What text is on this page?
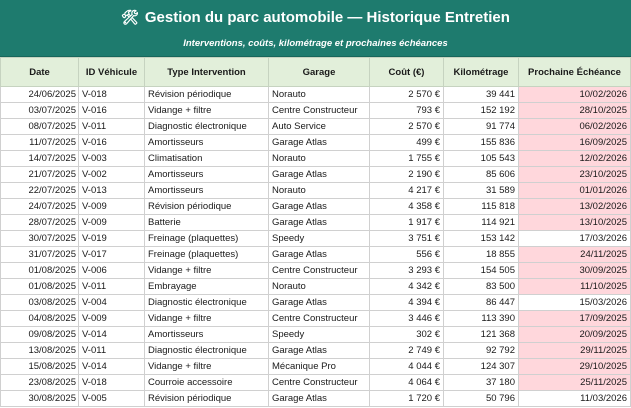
🛠 Gestion du parc automobile — Historique Entretien
Interventions, coûts, kilométrage et prochaines échéances
Date	ID Véhicule	Type Intervention	Garage	Coût (€)	Kilométrage	Prochaine Échéance
24/06/2025	V-018	Révision périodique	Norauto	2 570 €	39 441	10/02/2026
03/07/2025	V-016	Vidange + filtre	Centre Constructeur	793 €	152 192	28/10/2025
08/07/2025	V-011	Diagnostic électronique	Auto Service	2 570 €	91 774	06/02/2026
11/07/2025	V-016	Amortisseurs	Garage Atlas	499 €	155 836	16/09/2025
14/07/2025	V-003	Climatisation	Norauto	1 755 €	105 543	12/02/2026
21/07/2025	V-002	Amortisseurs	Garage Atlas	2 190 €	85 606	23/10/2025
22/07/2025	V-013	Amortisseurs	Norauto	4 217 €	31 589	01/01/2026
24/07/2025	V-009	Révision périodique	Garage Atlas	4 358 €	115 818	13/02/2026
28/07/2025	V-009	Batterie	Garage Atlas	1 917 €	114 921	13/10/2025
30/07/2025	V-019	Freinage (plaquettes)	Speedy	3 751 €	153 142	17/03/2026
31/07/2025	V-017	Freinage (plaquettes)	Garage Atlas	556 €	18 855	24/11/2025
01/08/2025	V-006	Vidange + filtre	Centre Constructeur	3 293 €	154 505	30/09/2025
01/08/2025	V-011	Embrayage	Norauto	4 342 €	83 500	11/10/2025
03/08/2025	V-004	Diagnostic électronique	Garage Atlas	4 394 €	86 447	15/03/2026
04/08/2025	V-009	Vidange + filtre	Centre Constructeur	3 446 €	113 390	17/09/2025
09/08/2025	V-014	Amortisseurs	Speedy	302 €	121 368	20/09/2025
13/08/2025	V-011	Diagnostic électronique	Garage Atlas	2 749 €	92 792	29/11/2025
15/08/2025	V-014	Vidange + filtre	Mécanique Pro	4 044 €	124 307	29/10/2025
23/08/2025	V-018	Courroie accessoire	Centre Constructeur	4 064 €	37 180	25/11/2025
30/08/2025	V-005	Révision périodique	Garage Atlas	1 720 €	50 796	11/03/2026
